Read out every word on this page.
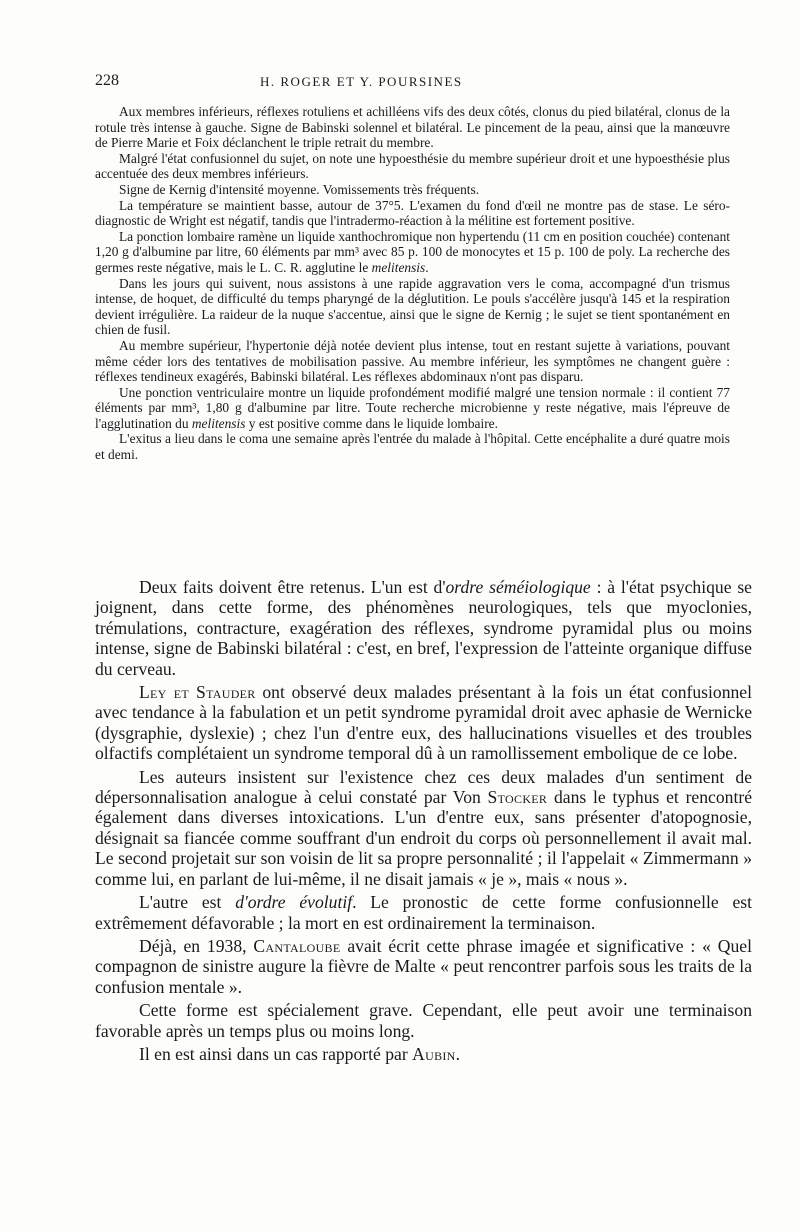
228	H. ROGER ET Y. POURSINES

Aux membres inférieurs, réflexes rotuliens et achilléens vifs des deux côtés, clonus du pied bilatéral, clonus de la rotule très intense à gauche. Signe de Babinski solennel et bilatéral. Le pincement de la peau, ainsi que la manœuvre de Pierre Marie et Foix déclanchent le triple retrait du membre.

Malgré l'état confusionnel du sujet, on note une hypoesthésie du membre supérieur droit et une hypoesthésie plus accentuée des deux membres inférieurs.

Signe de Kernig d'intensité moyenne. Vomissements très fréquents.

La température se maintient basse, autour de 37°5. L'examen du fond d'œil ne montre pas de stase. Le séro-diagnostic de Wright est négatif, tandis que l'intradermo-réaction à la mélitine est fortement positive.

La ponction lombaire ramène un liquide xanthochromique non hypertendu (11 cm en position couchée) contenant 1,20 g d'albumine par litre, 60 éléments par mm³ avec 85 p. 100 de monocytes et 15 p. 100 de poly. La recherche des germes reste négative, mais le L. C. R. agglutine le melitensis.

Dans les jours qui suivent, nous assistons à une rapide aggravation vers le coma, accompagné d'un trismus intense, de hoquet, de difficulté du temps pharyngé de la déglutition. Le pouls s'accélère jusqu'à 145 et la respiration devient irrégulière. La raideur de la nuque s'accentue, ainsi que le signe de Kernig ; le sujet se tient spontanément en chien de fusil.

Au membre supérieur, l'hypertonie déjà notée devient plus intense, tout en restant sujette à variations, pouvant même céder lors des tentatives de mobilisation passive. Au membre inférieur, les symptômes ne changent guère : réflexes tendineux exagérés, Babinski bilatéral. Les réflexes abdominaux n'ont pas disparu.

Une ponction ventriculaire montre un liquide profondément modifié malgré une tension normale : il contient 77 éléments par mm³, 1,80 g d'albumine par litre. Toute recherche microbienne y reste négative, mais l'épreuve de l'agglutination du melitensis y est positive comme dans le liquide lombaire.

L'exitus a lieu dans le coma une semaine après l'entrée du malade à l'hôpital. Cette encéphalite a duré quatre mois et demi.

Deux faits doivent être retenus. L'un est d'ordre séméiologique : à l'état psychique se joignent, dans cette forme, des phénomènes neurologiques, tels que myoclonies, trémulations, contracture, exagération des réflexes, syndrome pyramidal plus ou moins intense, signe de Babinski bilatéral : c'est, en bref, l'expression de l'atteinte organique diffuse du cerveau.

Ley et Stauder ont observé deux malades présentant à la fois un état confusionnel avec tendance à la fabulation et un petit syndrome pyramidal droit avec aphasie de Wernicke (dysgraphie, dyslexie) ; chez l'un d'entre eux, des hallucinations visuelles et des troubles olfactifs complétaient un syndrome temporal dû à un ramollissement embolique de ce lobe.

Les auteurs insistent sur l'existence chez ces deux malades d'un sentiment de dépersonnalisation analogue à celui constaté par Von Stocker dans le typhus et rencontré également dans diverses intoxications. L'un d'entre eux, sans présenter d'atopognosie, désignait sa fiancée comme souffrant d'un endroit du corps où personnellement il avait mal. Le second projetait sur son voisin de lit sa propre personnalité ; il l'appelait « Zimmermann » comme lui, en parlant de lui-même, il ne disait jamais « je », mais « nous ».

L'autre est d'ordre évolutif. Le pronostic de cette forme confusionnelle est extrêmement défavorable ; la mort en est ordinairement la terminaison.

Déjà, en 1938, Cantaloube avait écrit cette phrase imagée et significative : « Quel compagnon de sinistre augure la fièvre de Malte « peut rencontrer parfois sous les traits de la confusion mentale ».

Cette forme est spécialement grave. Cependant, elle peut avoir une terminaison favorable après un temps plus ou moins long.

Il en est ainsi dans un cas rapporté par Aubin.
